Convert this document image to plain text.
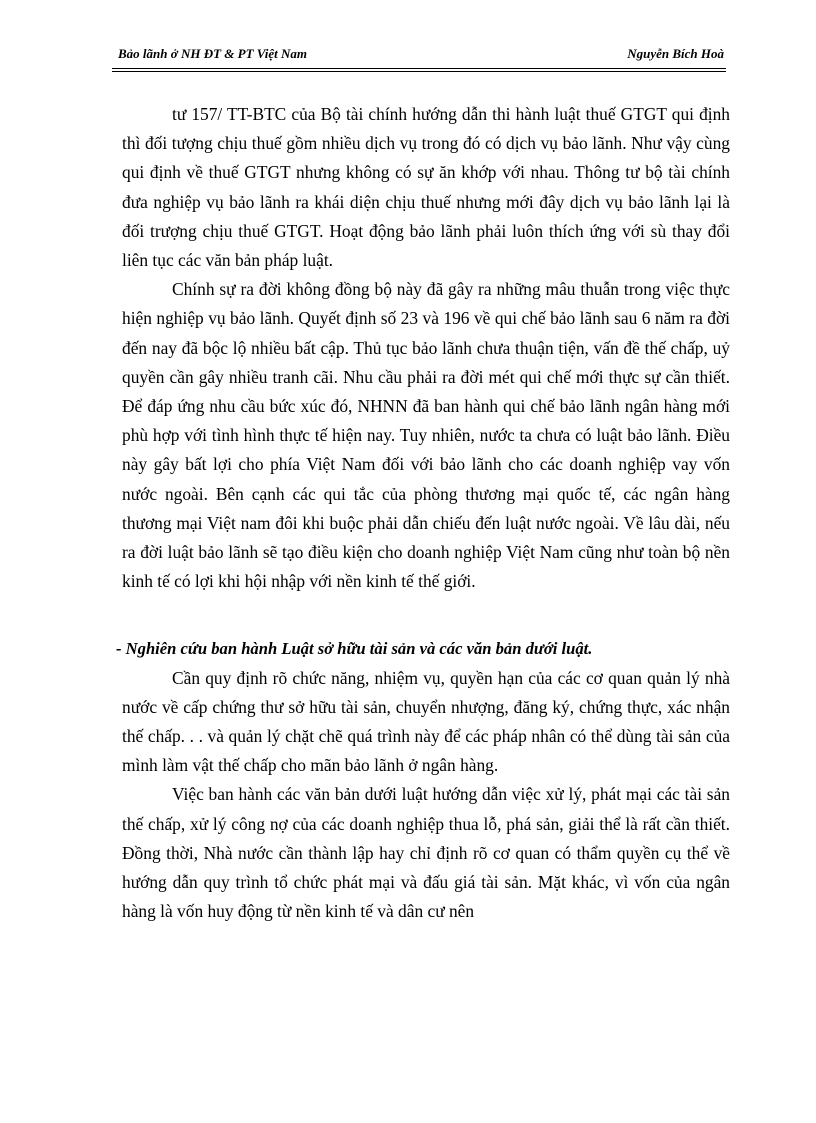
Bảo lãnh ở NH ĐT & PT Việt Nam	Nguyễn Bích Hoà

tư 157/ TT-BTC của Bộ tài chính hướng dẫn thi hành luật thuế GTGT qui định thì đối tượng chịu thuế gồm nhiều dịch vụ trong đó có dịch vụ bảo lãnh. Như vậy cùng qui định về thuế GTGT nhưng không có sự ăn khớp với nhau. Thông tư bộ tài chính đưa nghiệp vụ bảo lãnh ra khái diện chịu thuế nhưng mới đây dịch vụ bảo lãnh lại là đối trượng chịu thuế GTGT. Hoạt động bảo lãnh phải luôn thích ứng với sù thay đổi liên tục các văn bản pháp luật.

Chính sự ra đời không đồng bộ này đã gây ra những mâu thuẫn trong việc thực hiện nghiệp vụ bảo lãnh. Quyết định số 23 và 196 về qui chế bảo lãnh sau 6 năm ra đời đến nay đã bộc lộ nhiều bất cập. Thủ tục bảo lãnh chưa thuận tiện, vấn đề thế chấp, uỷ quyền cần gây nhiều tranh cãi. Nhu cầu phải ra đời mét qui chế mới thực sự cần thiết. Để đáp ứng nhu cầu bức xúc đó, NHNN đã ban hành qui chế bảo lãnh ngân hàng mới phù hợp với tình hình thực tế hiện nay. Tuy nhiên, nước ta chưa có luật bảo lãnh. Điều này gây bất lợi cho phía Việt Nam đối với bảo lãnh cho các doanh nghiệp vay vốn nước ngoài. Bên cạnh các qui tắc của phòng thương mại quốc tế, các ngân hàng thương mại Việt nam đôi khi buộc phải dẫn chiếu đến luật nước ngoài. Về lâu dài, nếu ra đời luật bảo lãnh sẽ tạo điều kiện cho doanh nghiệp Việt Nam cũng như toàn bộ nền kinh tế có lợi khi hội nhập với nền kinh tế thế giới.

- Nghiên cứu ban hành Luật sở hữu tài sản và các văn bản dưới luật.

Cần quy định rõ chức năng, nhiệm vụ, quyền hạn của các cơ quan quản lý nhà nước về cấp chứng thư sở hữu tài sản, chuyển nhượng, đăng ký, chứng thực, xác nhận thế chấp. . . và quản lý chặt chẽ quá trình này để các pháp nhân có thể dùng tài sản của mình làm vật thế chấp cho mãn bảo lãnh ở ngân hàng.

Việc ban hành các văn bản dưới luật hướng dẫn việc xử lý, phát mại các tài sản thế chấp, xử lý công nợ của các doanh nghiệp thua lỗ, phá sản, giải thể là rất cần thiết. Đồng thời, Nhà nước cần thành lập hay chỉ định rõ cơ quan có thẩm quyền cụ thể về hướng dẫn quy trình tổ chức phát mại và đấu giá tài sản. Mặt khác, vì vốn của ngân hàng là vốn huy động từ nền kinh tế và dân cư nên
